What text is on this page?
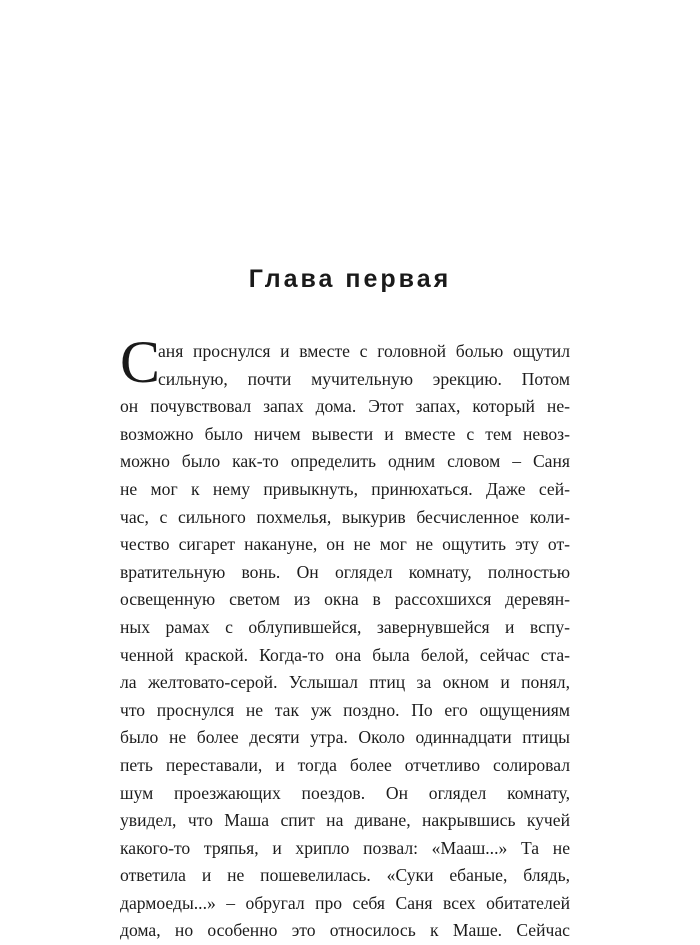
Глава первая
С
аня проснулся и вместе с головной болью ощутил
сильную, почти мучительную эрекцию. Потом
он почувствовал запах дома. Этот запах, который не-
возможно было ничем вывести и вместе с тем невоз-
можно было как-то определить одним словом – Саня
не мог к нему привыкнуть, принюхаться. Даже сей-
час, с сильного похмелья, выкурив бесчисленное коли-
чество сигарет накануне, он не мог не ощутить эту от-
вратительную вонь. Он оглядел комнату, полностью
освещенную светом из окна в рассохшихся деревян-
ных рамах с облупившейся, завернувшейся и вспу-
ченной краской. Когда-то она была белой, сейчас ста-
ла желтовато-серой. Услышал птиц за окном и понял,
что проснулся не так уж поздно. По его ощущениям
было не более десяти утра. Около одиннадцати птицы
петь переставали, и тогда более отчетливо солировал
шум проезжающих поездов. Он оглядел комнату,
увидел, что Маша спит на диване, накрывшись кучей
какого-то тряпья, и хрипло позвал: «Мааш...» Та не
ответила и не пошевелилась. «Суки ебаные, блядь,
дармоеды...» – обругал про себя Саня всех обитателей
дома, но особенно это относилось к Маше. Сейчас
